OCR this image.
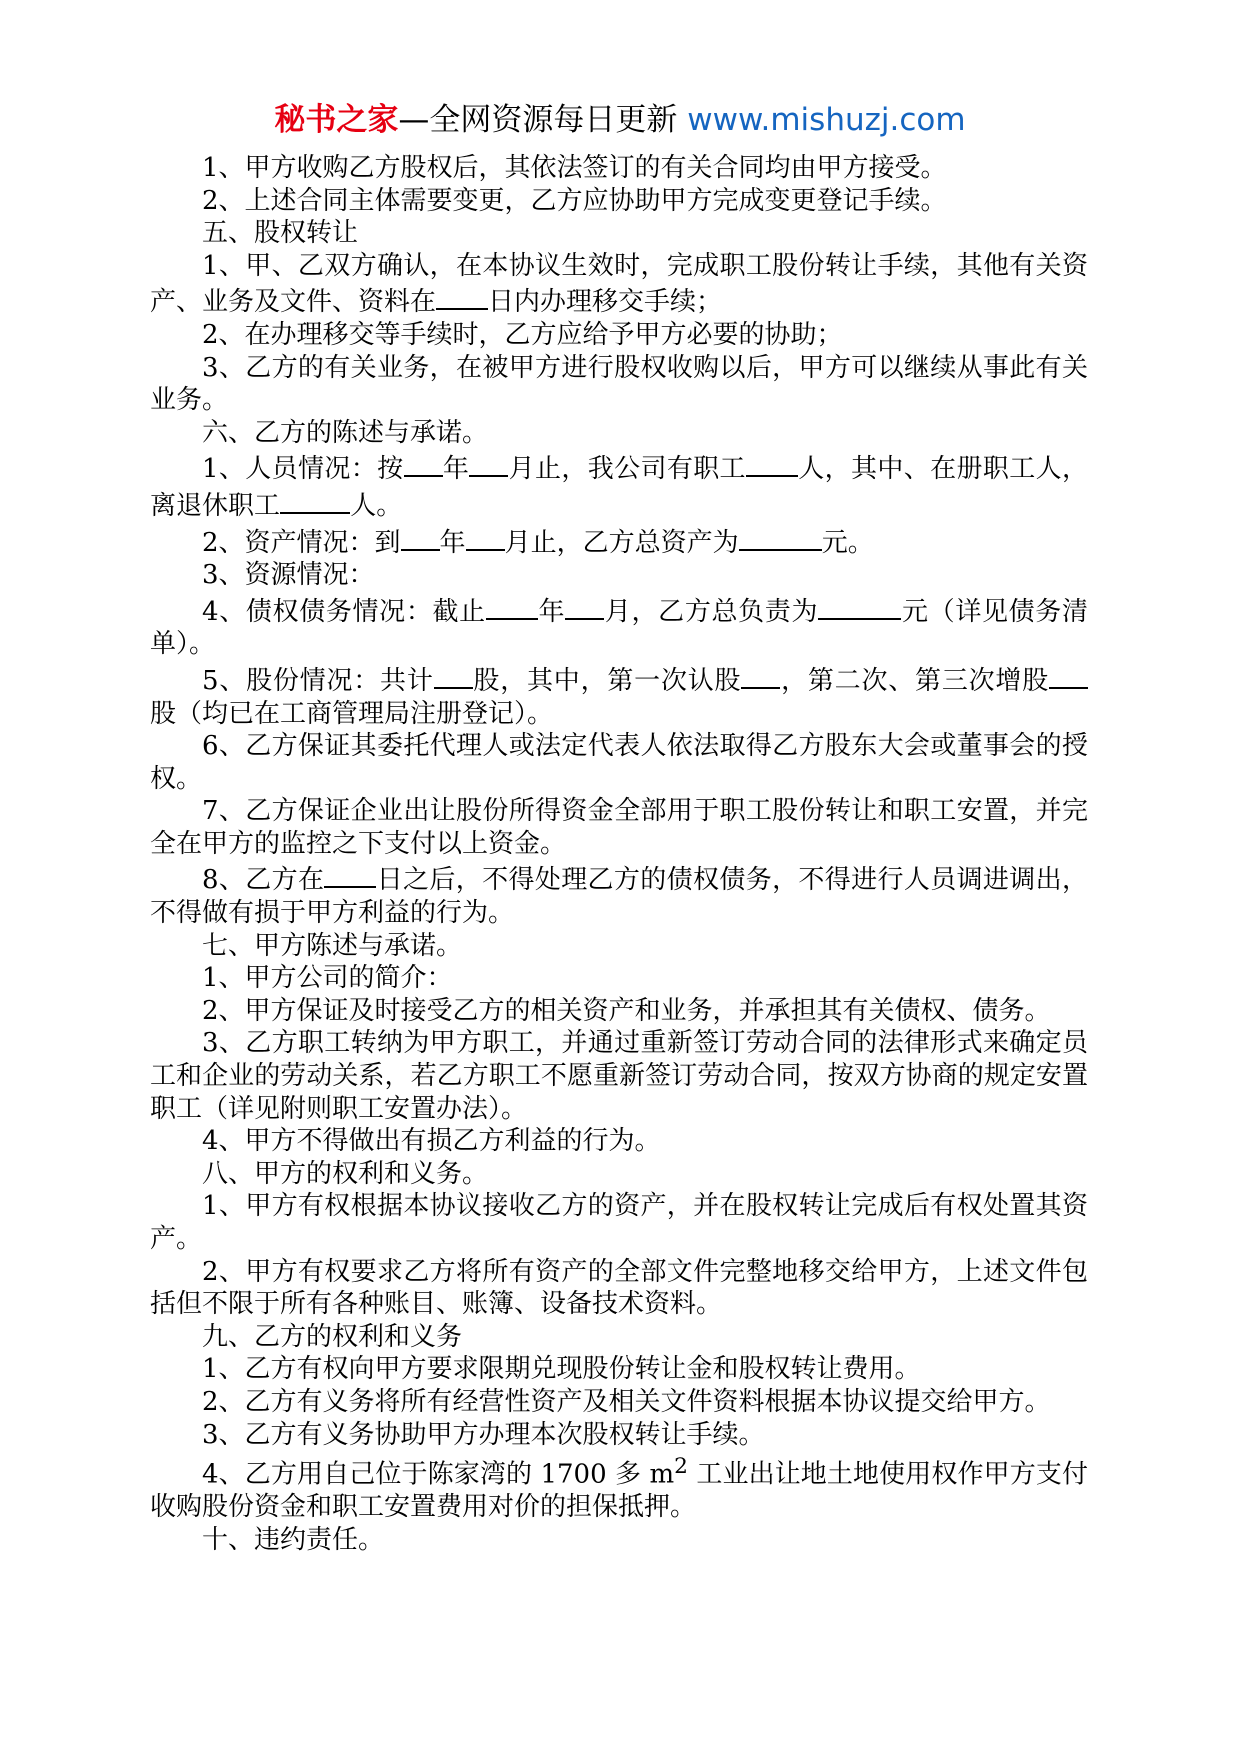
秘书之家—全网资源每日更新 www.mishuzj.com

1、甲方收购乙方股权后，其依法签订的有关合同均由甲方接受。

2、上述合同主体需要变更，乙方应协助甲方完成变更登记手续。

五、股权转让

1、甲、乙双方确认，在本协议生效时，完成职工股份转让手续，其他有关资产、业务及文件、资料在 日内办理移交手续；

2、在办理移交等手续时，乙方应给予甲方必要的协助；

3、乙方的有关业务，在被甲方进行股权收购以后，甲方可以继续从事此有关业务。

六、乙方的陈述与承诺。

1、人员情况：按 年 月止，我公司有职工 人，其中、在册职工人，离退休职工	人。

2、资产情况：到 年 月止，乙方总资产为	元。

3、资源情况：

4、债权债务情况：截止 年 月，乙方总负责为	元（详见债务清单）。

5、股份情况：共计 股，其中，第一次认股 ，第二次、第三次增股股（均已在工商管理局注册登记）。

6、乙方保证其委托代理人或法定代表人依法取得乙方股东大会或董事会的授权。

7、乙方保证企业出让股份所得资金全部用于职工股份转让和职工安置，并完全在甲方的监控之下支付以上资金。

8、乙方在 日之后，不得处理乙方的债权债务，不得进行人员调进调出，不得做有损于甲方利益的行为。

七、甲方陈述与承诺。

1、甲方公司的简介：

2、甲方保证及时接受乙方的相关资产和业务，并承担其有关债权、债务。

3、乙方职工转纳为甲方职工，并通过重新签订劳动合同的法律形式来确定员工和企业的劳动关系，若乙方职工不愿重新签订劳动合同，按双方协商的规定安置职工（详见附则职工安置办法）。

4、甲方不得做出有损乙方利益的行为。

八、甲方的权利和义务。

1、甲方有权根据本协议接收乙方的资产，并在股权转让完成后有权处置其资产。

2、甲方有权要求乙方将所有资产的全部文件完整地移交给甲方，上述文件包括但不限于所有各种账目、账簿、设备技术资料。

九、乙方的权利和义务

1、乙方有权向甲方要求限期兑现股份转让金和股权转让费用。

2、乙方有义务将所有经营性资产及相关文件资料根据本协议提交给甲方。

3、乙方有义务协助甲方办理本次股权转让手续。

4、乙方用自己位于陈家湾的 1700 多 $m^2$ 工业出让地土地使用权作甲方支付收购股份资金和职工安置费用对价的担保抵押。

十、违约责任。
